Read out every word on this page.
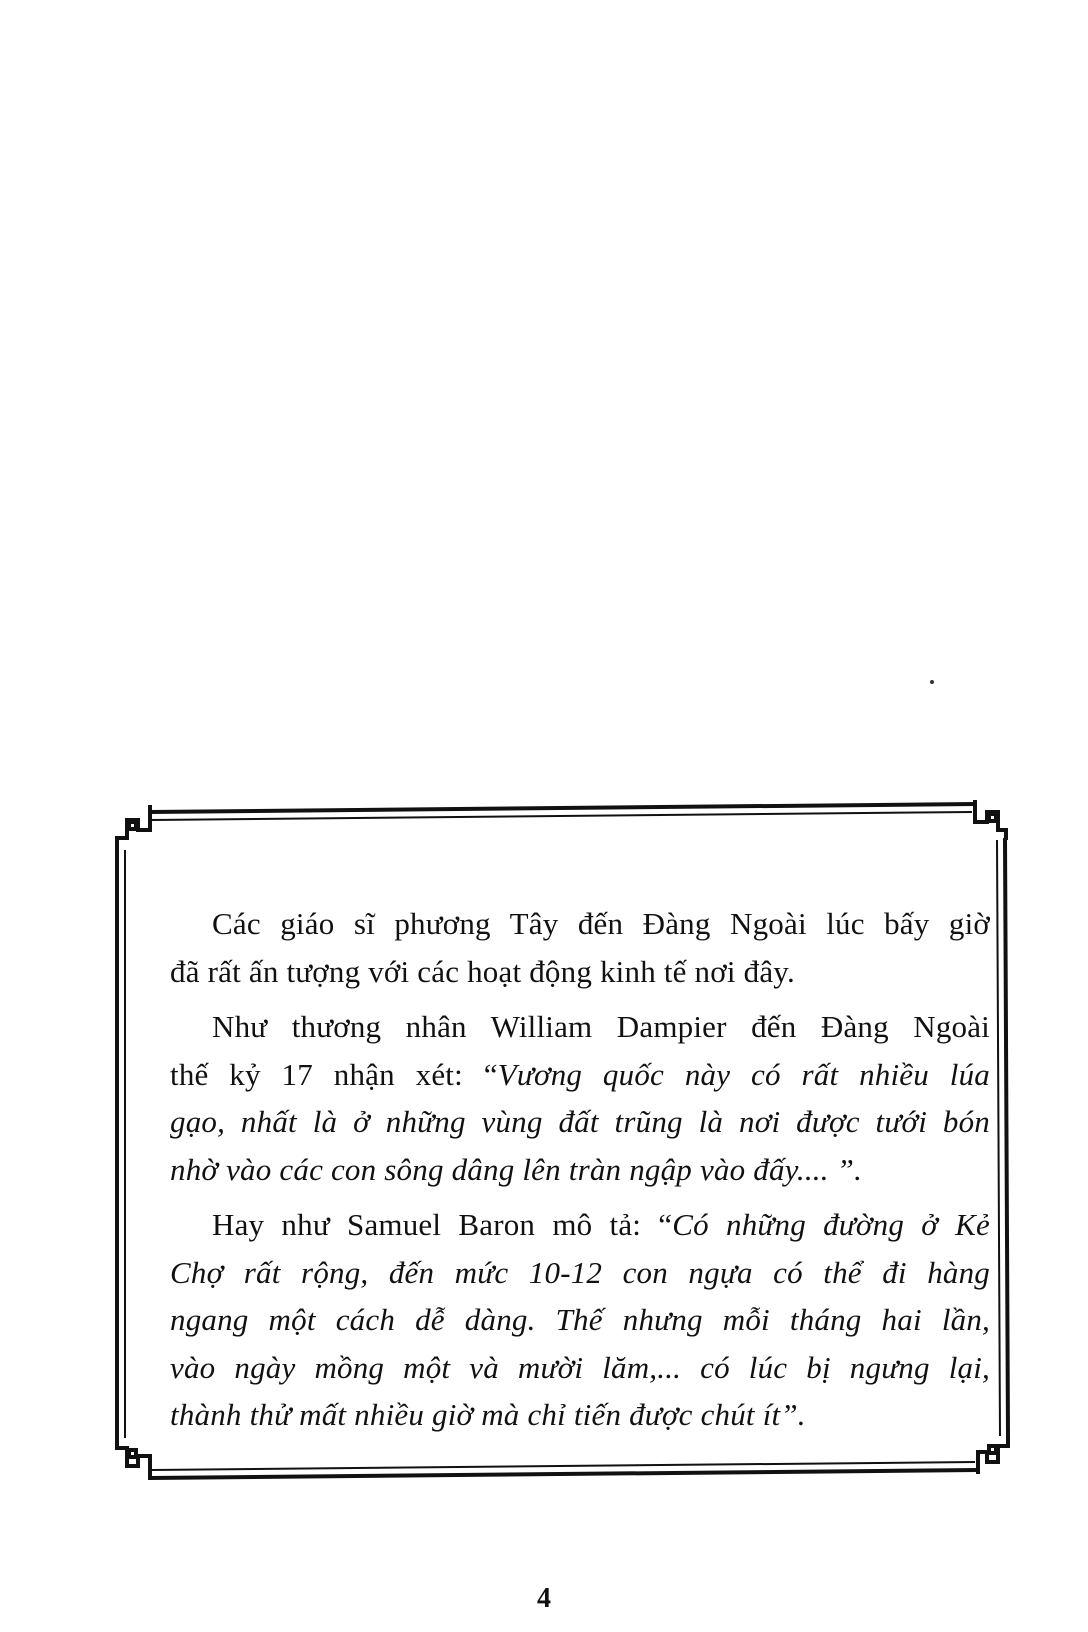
Các giáo sĩ phương Tây đến Đàng Ngoài lúc bấy giờ
đã rất ấn tượng với các hoạt động kinh tế nơi đây.

Như thương nhân William Dampier đến Đàng Ngoài
thế kỷ 17 nhận xét: “Vương quốc này có rất nhiều lúa
gạo, nhất là ở những vùng đất trũng là nơi được tưới bón
nhờ vào các con sông dâng lên tràn ngập vào đấy.... ”.

Hay như Samuel Baron mô tả: “Có những đường ở Kẻ
Chợ rất rộng, đến mức 10-12 con ngựa có thể đi hàng
ngang một cách dễ dàng. Thế nhưng mỗi tháng hai lần,
vào ngày mồng một và mười lăm,... có lúc bị ngưng lại,
thành thử mất nhiều giờ mà chỉ tiến được chút ít”.

4
